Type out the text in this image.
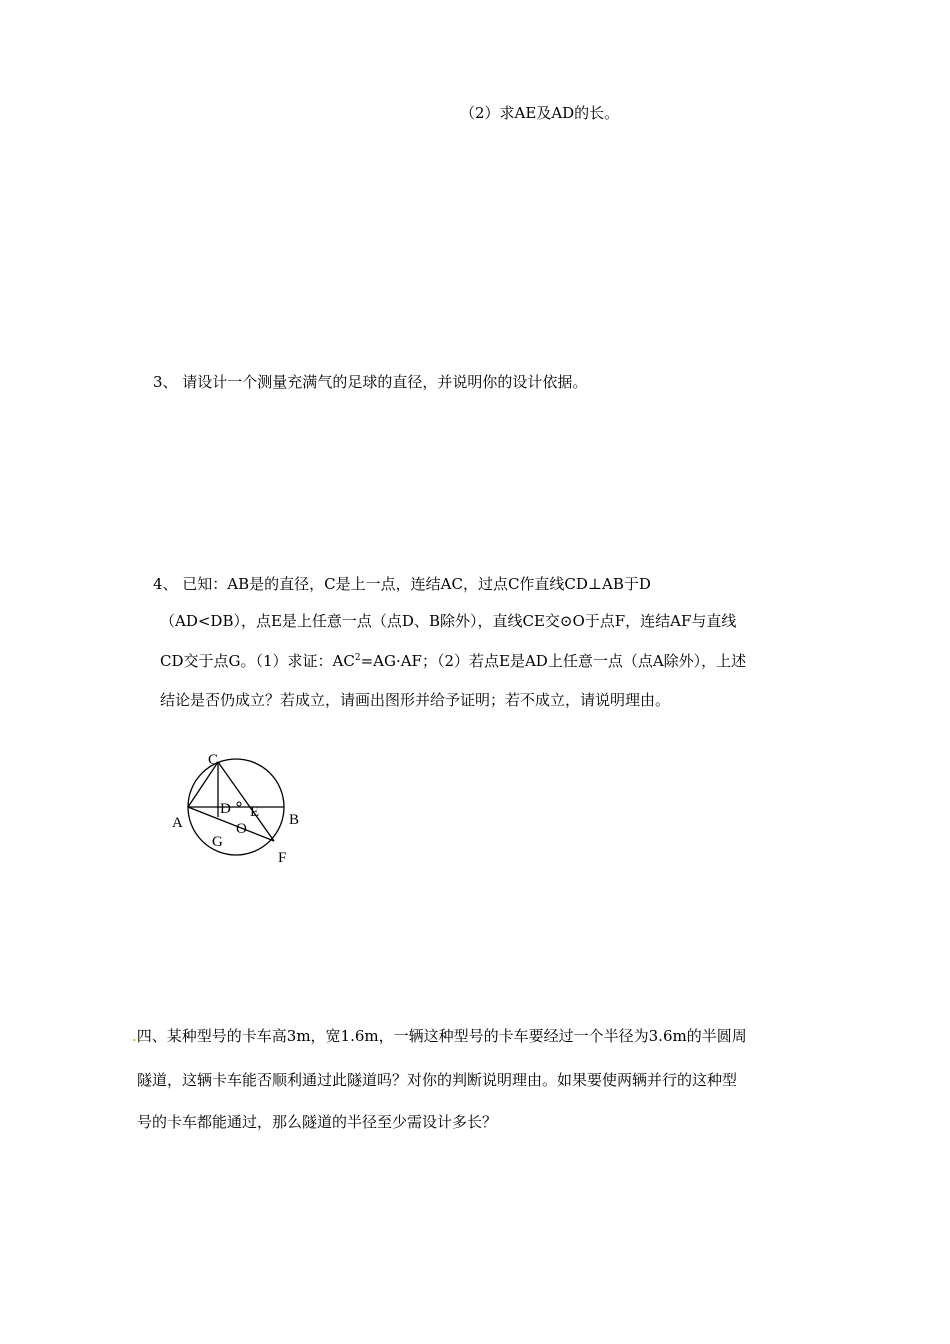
（2）求AE及AD的长。
3、 请设计一个测量充满气的足球的直径，并说明你的设计依据。
4、 已知：AB是的直径，C是上一点，连结AC，过点C作直线CD⊥AB于D
（AD<DB），点E是上任意一点（点D、B除外），直线CE交⊙O于点F，连结AF与直线
CD交于点G。（1）求证：$AC^2=AG\cdot AF$；（2）若点E是AD上任意一点（点A除外），上述
结论是否仍成立？若成立，请画出图形并给予证明；若不成立，请说明理由。
C
D E
O
A	B
G
F
.四、某种型号的卡车高3m，宽1.6m，一辆这种型号的卡车要经过一个半径为3.6m的半圆周
隧道，这辆卡车能否顺利通过此隧道吗？对你的判断说明理由。如果要使两辆并行的这种型
号的卡车都能通过，那么隧道的半径至少需设计多长？
